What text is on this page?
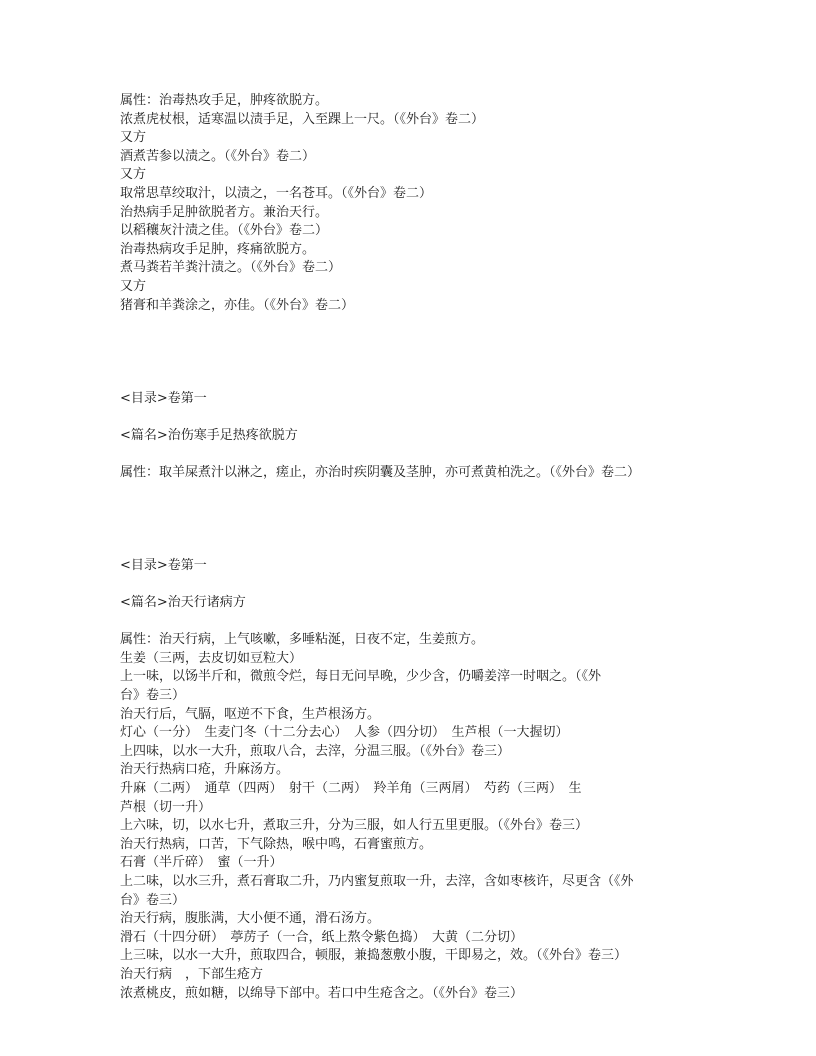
属性：治毒热攻手足，肿疼欲脱方。
浓煮虎杖根，适寒温以渍手足，入至踝上一尺。（《外台》卷二）
又方
酒煮苦参以渍之。（《外台》卷二）
又方
取常思草绞取汁，以渍之，一名苍耳。（《外台》卷二）
治热病手足肿欲脱者方。兼治天行。
以稻穰灰汁渍之佳。（《外台》卷二）
治毒热病攻手足肿，疼痛欲脱方。
煮马粪若羊粪汁渍之。（《外台》卷二）
又方
猪膏和羊粪涂之，亦佳。（《外台》卷二）
<目录>卷第一
<篇名>治伤寒手足热疼欲脱方
属性：取羊屎煮汁以淋之，瘥止，亦治时疾阴囊及茎肿，亦可煮黄柏洗之。（《外台》卷二）
<目录>卷第一
<篇名>治天行诸病方
属性：治天行病，上气咳嗽，多唾粘涎，日夜不定，生姜煎方。
生姜（三两，去皮切如豆粒大）
上一味，以饧半斤和，微煎令烂，每日无问早晚，少少含，仍嚼姜滓一时咽之。（《外
台》卷三）
治天行后，气膈，呕逆不下食，生芦根汤方。
灯心（一分）　生麦门冬（十二分去心）　人参（四分切）　生芦根（一大握切）
上四味，以水一大升，煎取八合，去滓，分温三服。（《外台》卷三）
治天行热病口疮，升麻汤方。
升麻（二两）　通草（四两）　射干（二两）　羚羊角（三两屑）　芍药（三两）　生
芦根（切一升）
上六味，切，以水七升，煮取三升，分为三服，如人行五里更服。（《外台》卷三）
治天行热病，口苦，下气除热，喉中鸣，石膏蜜煎方。
石膏（半斤碎）　蜜（一升）
上二味，以水三升，煮石膏取二升，乃内蜜复煎取一升，去滓，含如枣核许，尽更含（《外
台》卷三）
治天行病，腹胀满，大小便不通，滑石汤方。
滑石（十四分研）　葶苈子（一合，纸上熬令紫色捣）　大黄（二分切）
上三味，以水一大升，煎取四合，顿服，兼捣葱敷小腹，干即易之，效。（《外台》卷三）
治天行病　，下部生疮方
浓煮桃皮，煎如糖，以绵导下部中。若口中生疮含之。（《外台》卷三）
